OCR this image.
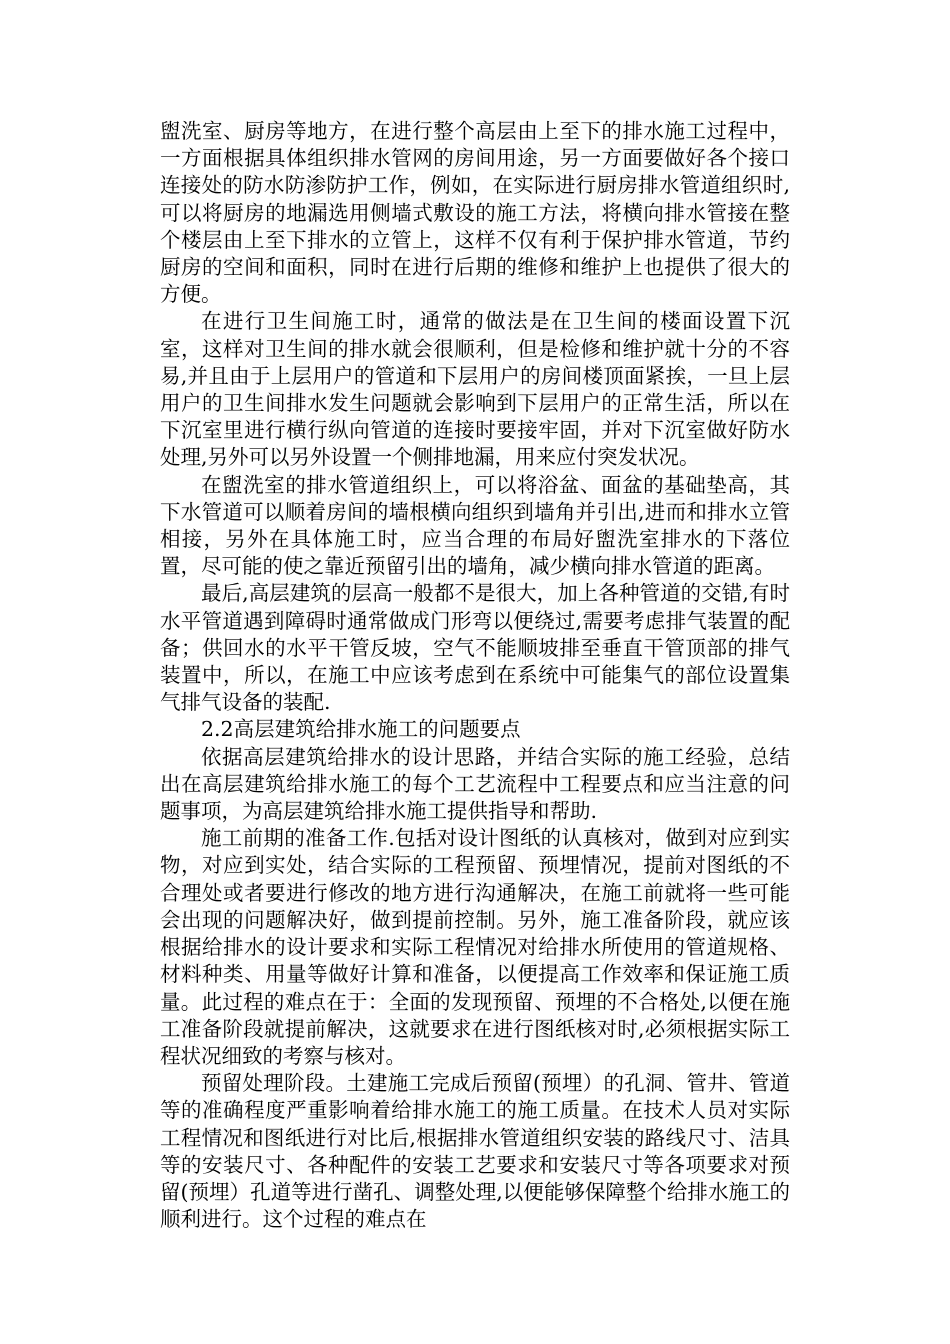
盥洗室、厨房等地方，在进行整个高层由上至下的排水施工过程中，一方面根据具体组织排水管网的房间用途，另一方面要做好各个接口连接处的防水防渗防护工作，例如，在实际进行厨房排水管道组织时,可以将厨房的地漏选用侧墙式敷设的施工方法，将横向排水管接在整个楼层由上至下排水的立管上，这样不仅有利于保护排水管道，节约厨房的空间和面积，同时在进行后期的维修和维护上也提供了很大的方便。

在进行卫生间施工时，通常的做法是在卫生间的楼面设置下沉室，这样对卫生间的排水就会很顺利，但是检修和维护就十分的不容易,并且由于上层用户的管道和下层用户的房间楼顶面紧挨，一旦上层用户的卫生间排水发生问题就会影响到下层用户的正常生活，所以在下沉室里进行横行纵向管道的连接时要接牢固，并对下沉室做好防水处理,另外可以另外设置一个侧排地漏，用来应付突发状况。

在盥洗室的排水管道组织上，可以将浴盆、面盆的基础垫高，其下水管道可以顺着房间的墙根横向组织到墙角并引出,进而和排水立管相接，另外在具体施工时，应当合理的布局好盥洗室排水的下落位置，尽可能的使之靠近预留引出的墙角，减少横向排水管道的距离。

最后,高层建筑的层高一般都不是很大，加上各种管道的交错,有时水平管道遇到障碍时通常做成门形弯以便绕过,需要考虑排气装置的配备；供回水的水平干管反坡，空气不能顺坡排至垂直干管顶部的排气装置中，所以，在施工中应该考虑到在系统中可能集气的部位设置集气排气设备的装配.

2.2高层建筑给排水施工的问题要点

依据高层建筑给排水的设计思路，并结合实际的施工经验，总结出在高层建筑给排水施工的每个工艺流程中工程要点和应当注意的问题事项，为高层建筑给排水施工提供指导和帮助.

施工前期的准备工作.包括对设计图纸的认真核对，做到对应到实物，对应到实处，结合实际的工程预留、预埋情况，提前对图纸的不合理处或者要进行修改的地方进行沟通解决，在施工前就将一些可能会出现的问题解决好，做到提前控制。另外，施工准备阶段，就应该根据给排水的设计要求和实际工程情况对给排水所使用的管道规格、材料种类、用量等做好计算和准备，以便提高工作效率和保证施工质量。此过程的难点在于：全面的发现预留、预埋的不合格处,以便在施工准备阶段就提前解决，这就要求在进行图纸核对时,必须根据实际工程状况细致的考察与核对。

预留处理阶段。土建施工完成后预留(预埋）的孔洞、管井、管道等的准确程度严重影响着给排水施工的施工质量。在技术人员对实际工程情况和图纸进行对比后,根据排水管道组织安装的路线尺寸、洁具等的安装尺寸、各种配件的安装工艺要求和安装尺寸等各项要求对预留(预埋）孔道等进行凿孔、调整处理,以便能够保障整个给排水施工的顺利进行。这个过程的难点在
